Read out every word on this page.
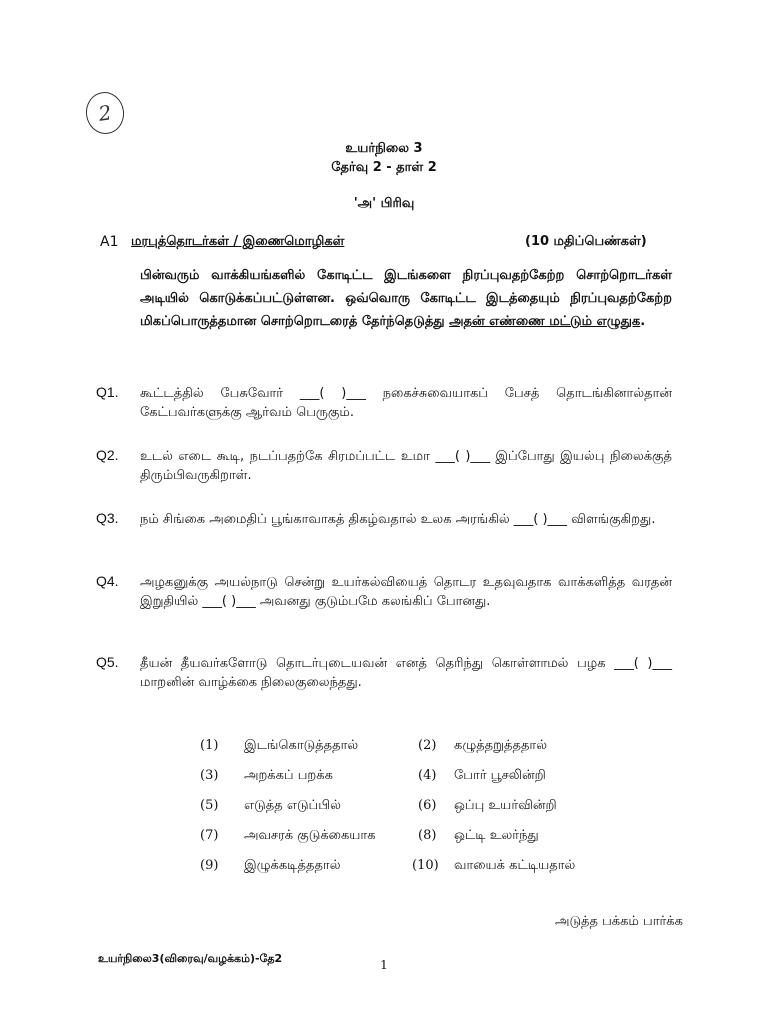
2
உயர்நிலை 3
தேர்வு 2 - தாள் 2
'அ' பிரிவு
A1 மரபுத்தொடர்கள் / இணைமொழிகள்	(10 மதிப்பெண்கள்)
பின்வரும் வாக்கியங்களில் கோடிட்ட இடங்களை நிரப்புவதற்கேற்ற சொற்றொடர்கள் அடியில் கொடுக்கப்பட்டுள்ளன. ஒவ்வொரு கோடிட்ட இடத்தையும் நிரப்புவதற்கேற்ற மிகப்பொருத்தமான சொற்றொடரைத் தேர்ந்தெடுத்து அதன் எண்ணை மட்டும் எழுதுக.
Q1. கூட்டத்தில் பேசுவோர் ___( )___ நகைச்சுவையாகப் பேசத் தொடங்கினால்தான் கேட்பவர்களுக்கு ஆர்வம் பெருகும்.
Q2. உடல் எடை கூடி, நடப்பதற்கே சிரமப்பட்ட உமா ___( )___ இப்போது இயல்பு நிலைக்குத் திரும்பிவருகிறாள்.
Q3. நம் சிங்கை அமைதிப் பூங்காவாகத் திகழ்வதால் உலக அரங்கில் ___( )___ விளங்குகிறது.
Q4. அழகனுக்கு அயல்நாடு சென்று உயர்கல்வியைத் தொடர உதவுவதாக வாக்களித்த வரதன் இறுதியில் ___( )___ அவனது குடும்பமே கலங்கிப் போனது.
Q5. தீயன் தீயவர்களோடு தொடர்புடையவன் எனத் தெரிந்து கொள்ளாமல் பழக ___( )___ மாறனின் வாழ்க்கை நிலைகுலைந்தது.
(1) இடங்கொடுத்ததால்	(2) கழுத்தறுத்ததால்
(3) அறக்கப் பறக்க	(4) போர் பூசலின்றி
(5) எடுத்த எடுப்பில்	(6) ஒப்பு உயர்வின்றி
(7) அவசரக் குடுக்கையாக	(8) ஒட்டி உலர்ந்து
(9) இழுக்கடித்ததால்	(10) வாயைக் கட்டியதால்
அடுத்த பக்கம் பார்க்க
உயர்நிலை3(விரைவு/வழக்கம்)-தே2	1
